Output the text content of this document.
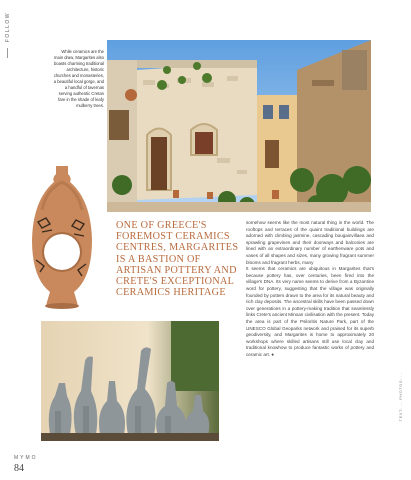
FOLLOW
While ceramics are the main draw, Margarites also boasts charming traditional architecture, historic churches and monasteries, a beautiful local gorge, and a handful of tavernas serving authentic Cretan fare in the shade of leafy mulberry trees.
ONE OF GREECE'S FOREMOST CERAMICS CENTRES, MARGARITES IS A BASTION OF ARTISAN POTTERY AND CRETE'S EXCEPTIONAL CERAMICS HERITAGE

somehow seems like the most natural thing in the world. The rooftops and terraces of the quaint traditional buildings are adorned with climbing jasmine, cascading bougainvillaea and sprawling grapevines and their doorways and balconies are lined with an extraordinary number of earthenware pots and vases of all shapes and sizes, many growing fragrant summer blooms and fragrant herbs, many

It seems that ceramics are ubiquitous in Margarites that's because pottery has, over centuries, been fired into the village's DNA. Its very name seems to derive from a Byzantine word for pottery, suggesting that the village was originally founded by potters drawn to the area for its natural beauty and rich clay deposits. The ancestral skills have been passed down over generations in a pottery-making tradition that seamlessly links Crete's ancient Minoan civilisation with the present. Today the area is part of the Psiloritis Nature Park, part of the UNESCO Global Geoparks network and praised for its superb geodiversity, and Margarites is home to approximately 20 workshops where skilled artisans still use local clay and traditional knowhow to produce fantastic works of pottery and ceramic art. ●

TEXT: ... PHOTOS: ...
MYMO
84
